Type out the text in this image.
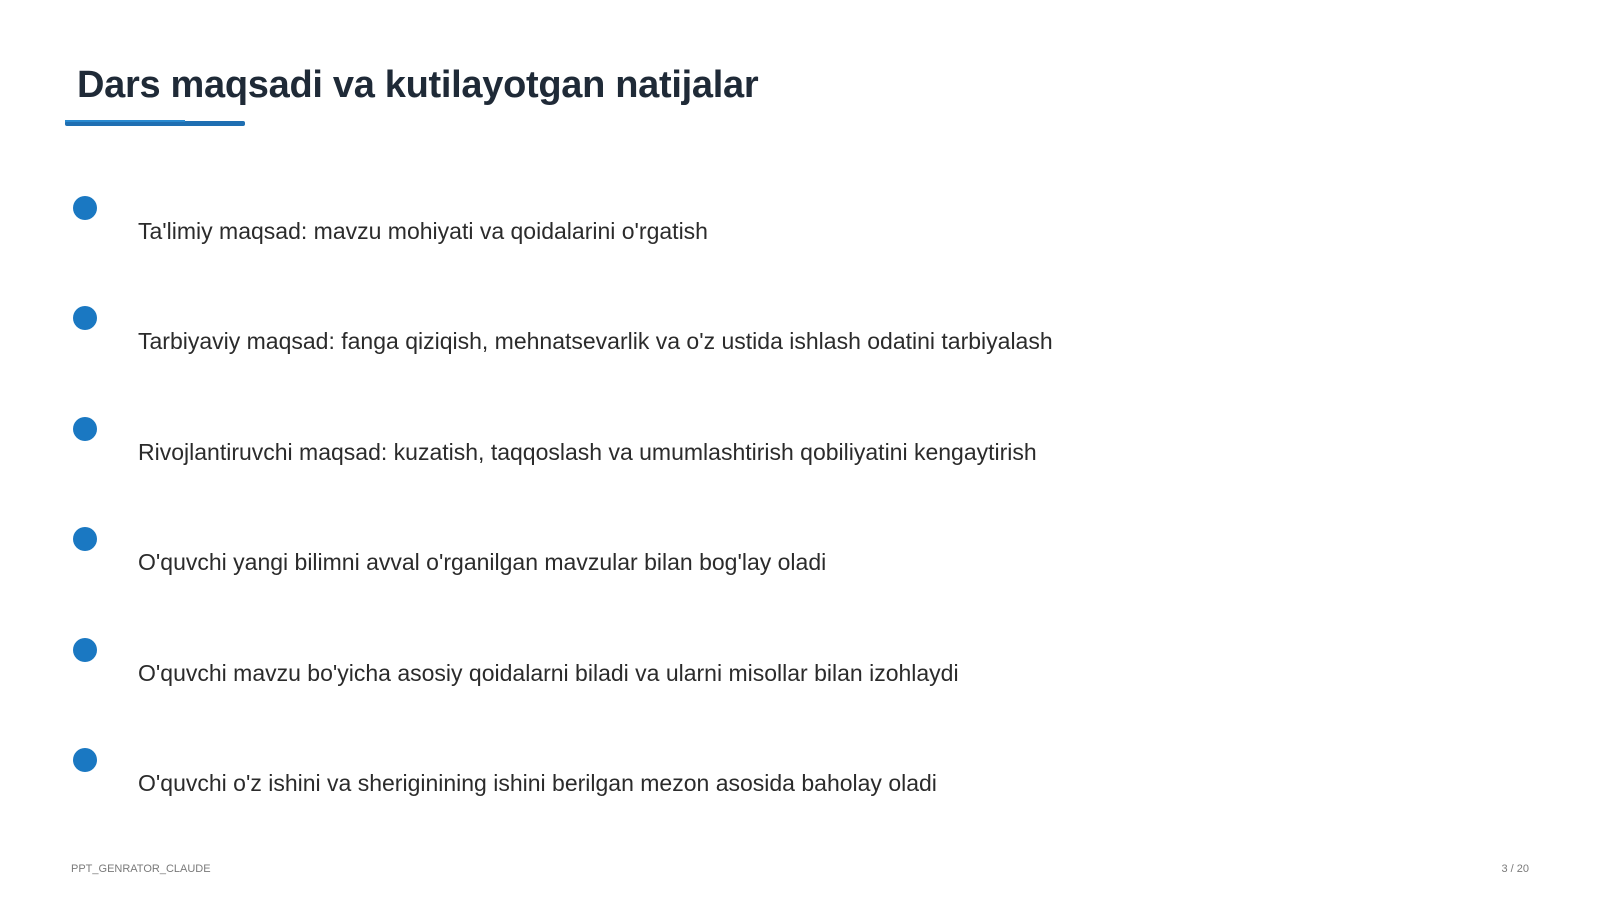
Dars maqsadi va kutilayotgan natijalar
Ta'limiy maqsad: mavzu mohiyati va qoidalarini o'rgatish
Tarbiyaviy maqsad: fanga qiziqish, mehnatsevarlik va o'z ustida ishlash odatini tarbiyalash
Rivojlantiruvchi maqsad: kuzatish, taqqoslash va umumlashtirish qobiliyatini kengaytirish
O'quvchi yangi bilimni avval o'rganilgan mavzular bilan bog'lay oladi
O'quvchi mavzu bo'yicha asosiy qoidalarni biladi va ularni misollar bilan izohlaydi
O'quvchi o'z ishini va sheriginining ishini berilgan mezon asosida baholay oladi
PPT_GENRATOR_CLAUDE	3 / 20
